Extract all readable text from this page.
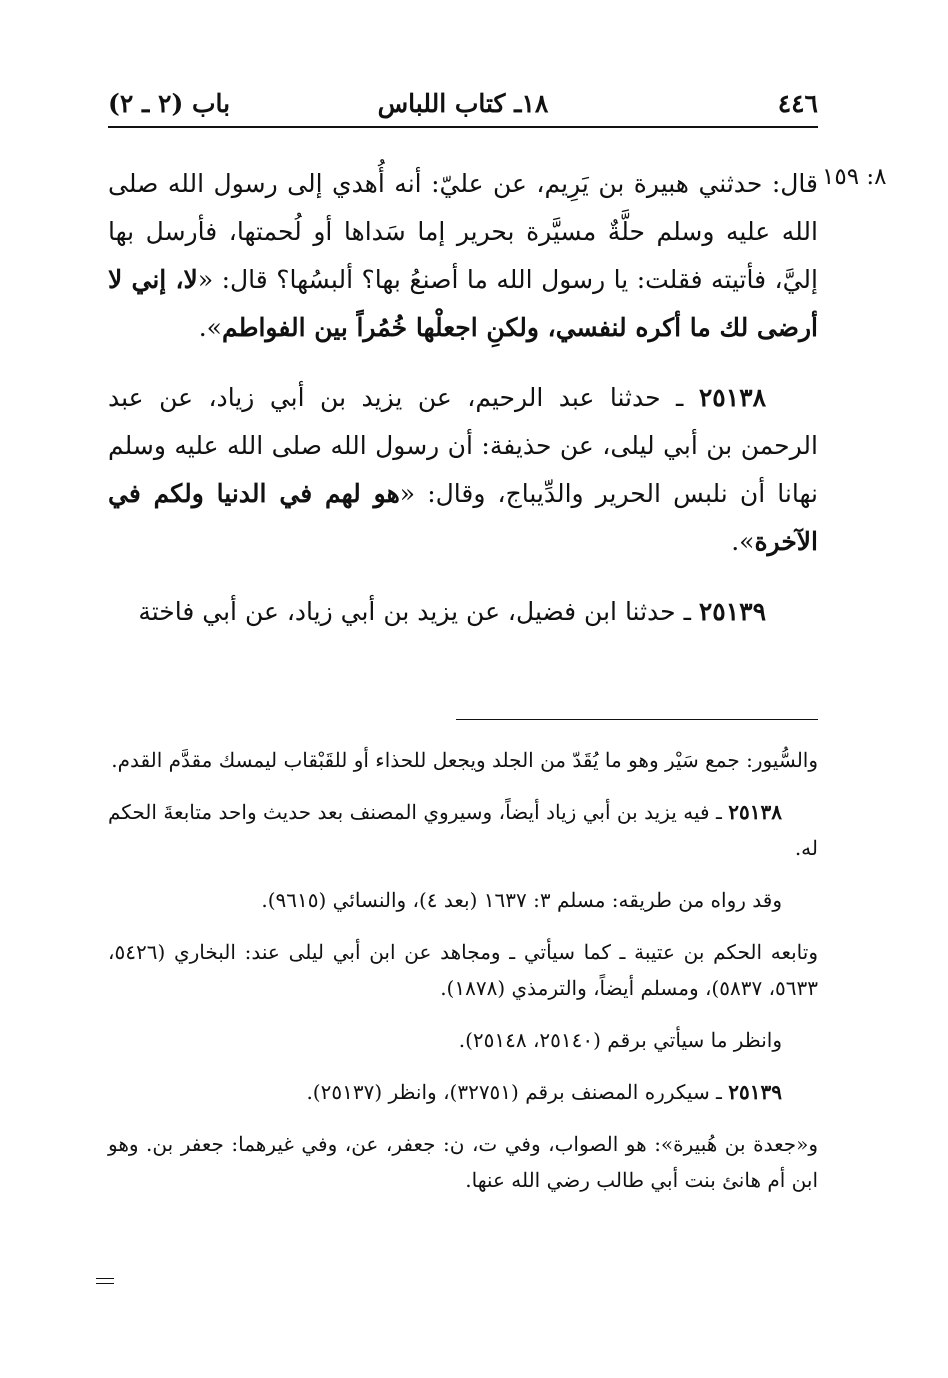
باب (٢ ـ ٢)	١٨ـ كتاب اللباس	٤٤٦
٨: ١٥٩

قال: حدثني هبيرة بن يَرِيم، عن عليّ: أنه أُهدي إلى رسول الله صلى الله عليه وسلم حلَّةٌ مسيَّرة بحرير إما سَداها أو لُحمتها، فأرسل بها إليَّ، فأتيته فقلت: يا رسول الله ما أصنعُ بها؟ ألبسُها؟ قال: «لا، إني لا أرضى لك ما أكره لنفسي، ولكنِ اجعلْها خُمُراً بين الفواطم».

٢٥١٣٨ ـ حدثنا عبد الرحيم، عن يزيد بن أبي زياد، عن عبد الرحمن بن أبي ليلى، عن حذيفة: أن رسول الله صلى الله عليه وسلم نهانا أن نلبس الحرير والدِّيباج، وقال: «هو لهم في الدنيا ولكم في الآخرة».

٢٥١٣٩ ـ حدثنا ابن فضيل، عن يزيد بن أبي زياد، عن أبي فاختة

والسُّيور: جمع سَيْر وهو ما يُقَدّ من الجلد ويجعل للحذاء أو للقَبْقاب ليمسك مقدَّم القدم.

٢٥١٣٨ ـ فيه يزيد بن أبي زياد أيضاً، وسيروي المصنف بعد حديث واحد متابعةَ الحكم له.

وقد رواه من طريقه: مسلم ٣: ١٦٣٧ (بعد ٤)، والنسائي (٩٦١٥).

وتابعه الحكم بن عتيبة ـ كما سيأتي ـ ومجاهد عن ابن أبي ليلى عند: البخاري (٥٤٢٦، ٥٦٣٣، ٥٨٣٧)، ومسلم أيضاً، والترمذي (١٨٧٨).

وانظر ما سيأتي برقم (٢٥١٤٠، ٢٥١٤٨).

٢٥١٣٩ ـ سيكرره المصنف برقم (٣٢٧٥١)، وانظر (٢٥١٣٧).

و«جعدة بن هُبيرة»: هو الصواب، وفي ت، ن: جعفر، عن، وفي غيرهما: جعفر بن. وهو ابن أم هانئ بنت أبي طالب رضي الله عنها.
